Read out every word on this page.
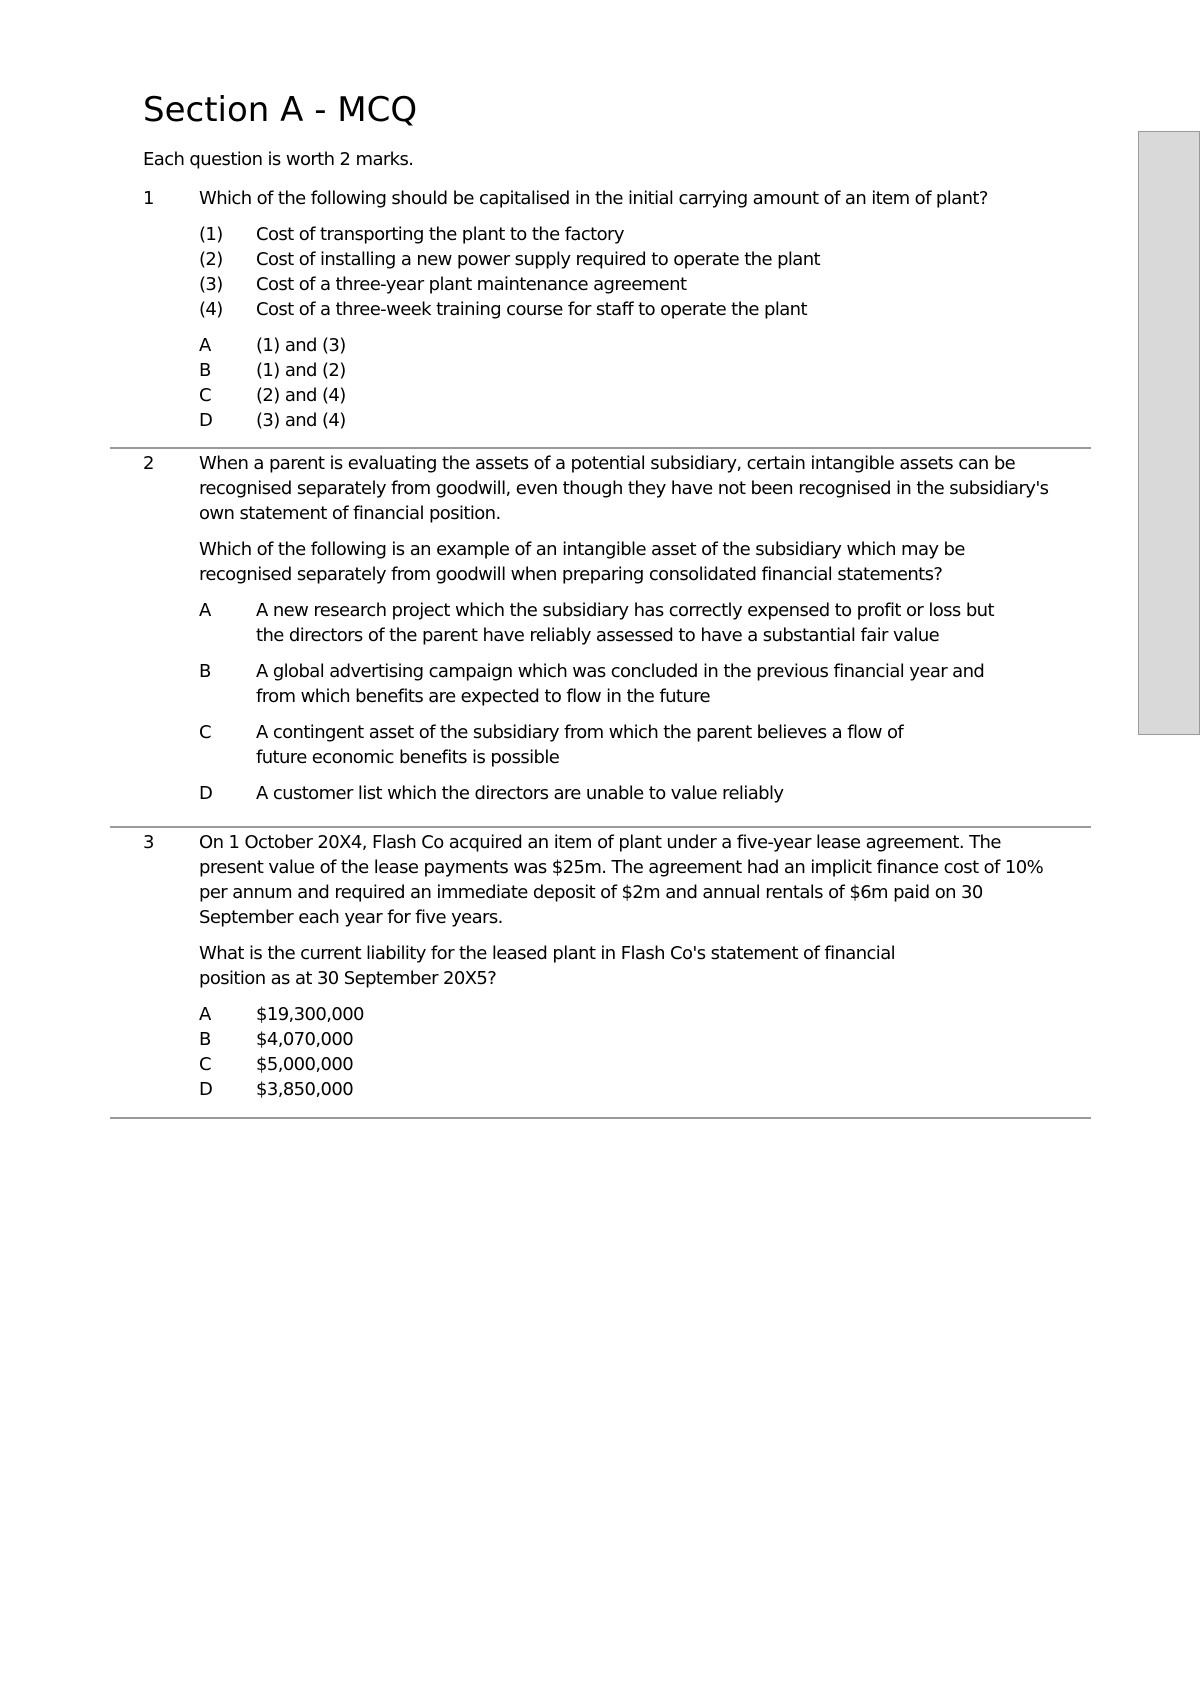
Section A - MCQ

Each question is worth 2 marks.

1	Which of the following should be capitalised in the initial carrying amount of an item of plant?

(1)	Cost of transporting the plant to the factory
(2)	Cost of installing a new power supply required to operate the plant
(3)	Cost of a three-year plant maintenance agreement
(4)	Cost of a three-week training course for staff to operate the plant
A	(1) and (3)
B	(1) and (2)
C	(2) and (4)
D	(3) and (4)
2	When a parent is evaluating the assets of a potential subsidiary, certain intangible assets can be recognised separately from goodwill, even though they have not been recognised in the subsidiary's own statement of financial position.

Which of the following is an example of an intangible asset of the subsidiary which may be recognised separately from goodwill when preparing consolidated financial statements?

A	A new research project which the subsidiary has correctly expensed to profit or loss but the directors of the parent have reliably assessed to have a substantial fair value
B	A global advertising campaign which was concluded in the previous financial year and from which benefits are expected to flow in the future
C	A contingent asset of the subsidiary from which the parent believes a flow of future economic benefits is possible
D	A customer list which the directors are unable to value reliably
3	On 1 October 20X4, Flash Co acquired an item of plant under a five-year lease agreement. The present value of the lease payments was $25m. The agreement had an implicit finance cost of 10% per annum and required an immediate deposit of $2m and annual rentals of $6m paid on 30 September each year for five years.

What is the current liability for the leased plant in Flash Co's statement of financial position as at 30 September 20X5?

A	$19,300,000
B	$4,070,000
C	$5,000,000
D	$3,850,000
